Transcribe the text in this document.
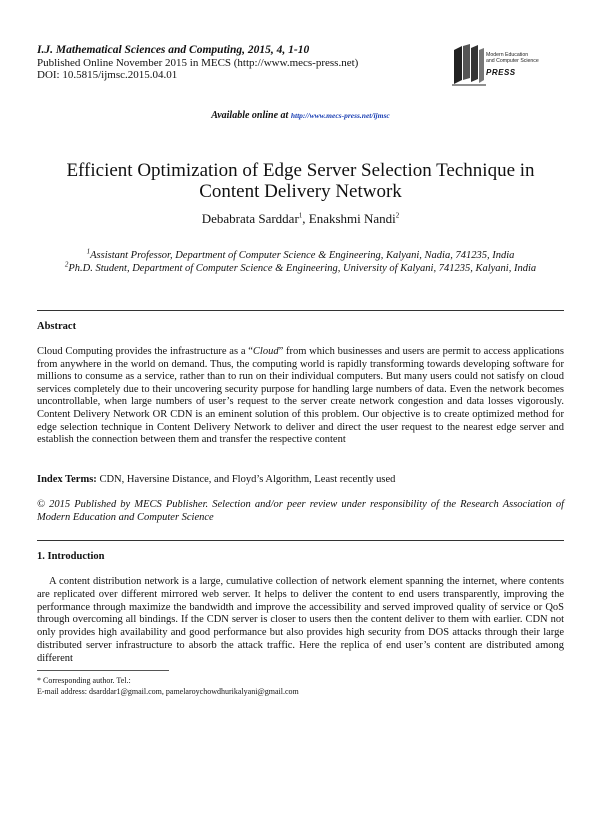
I.J. Mathematical Sciences and Computing, 2015, 4, 1-10
Published Online November 2015 in MECS (http://www.mecs-press.net)
DOI: 10.5815/ijmsc.2015.04.01
Modern Education
and Computer Science
PRESS
Available online at http://www.mecs-press.net/ijmsc
Efficient Optimization of Edge Server Selection Technique in Content Delivery Network
Debabrata Sarddar$^1$, Enakshmi Nandi$^2$
$^1$Assistant Professor, Department of Computer Science & Engineering, Kalyani, Nadia, 741235, India
$^2$Ph.D. Student, Department of Computer Science & Engineering, University of Kalyani, 741235, Kalyani, India
Abstract
Cloud Computing provides the infrastructure as a “Cloud” from which businesses and users are permit to access applications from anywhere in the world on demand. Thus, the computing world is rapidly transforming towards developing software for millions to consume as a service, rather than to run on their individual computers. But many users could not satisfy on cloud services completely due to their uncovering security purpose for handling large numbers of data. Even the network becomes uncontrollable, when large numbers of user’s request to the server create network congestion and data losses vigorously. Content Delivery Network OR CDN is an eminent solution of this problem. Our objective is to create optimized method for edge selection technique in Content Delivery Network to deliver and direct the user request to the nearest edge server and establish the connection between them and transfer the respective content
Index Terms: CDN, Haversine Distance, and Floyd’s Algorithm, Least recently used
© 2015 Published by MECS Publisher. Selection and/or peer review under responsibility of the Research Association of Modern Education and Computer Science
1. Introduction
A content distribution network is a large, cumulative collection of network element spanning the internet, where contents are replicated over different mirrored web server. It helps to deliver the content to end users transparently, improving the performance through maximize the bandwidth and improve the accessibility and served improved quality of service or QoS through overcoming all bindings. If the CDN server is closer to users then the content deliver to them with earlier. CDN not only provides high availability and good performance but also provides high security from DOS attacks through their large distributed server infrastructure to absorb the attack traffic. Here the replica of end user’s content are distributed among different
* Corresponding author. Tel.:
E-mail address: dsarddar1@gmail.com, pamelaroychowdhurikalyani@gmail.com
